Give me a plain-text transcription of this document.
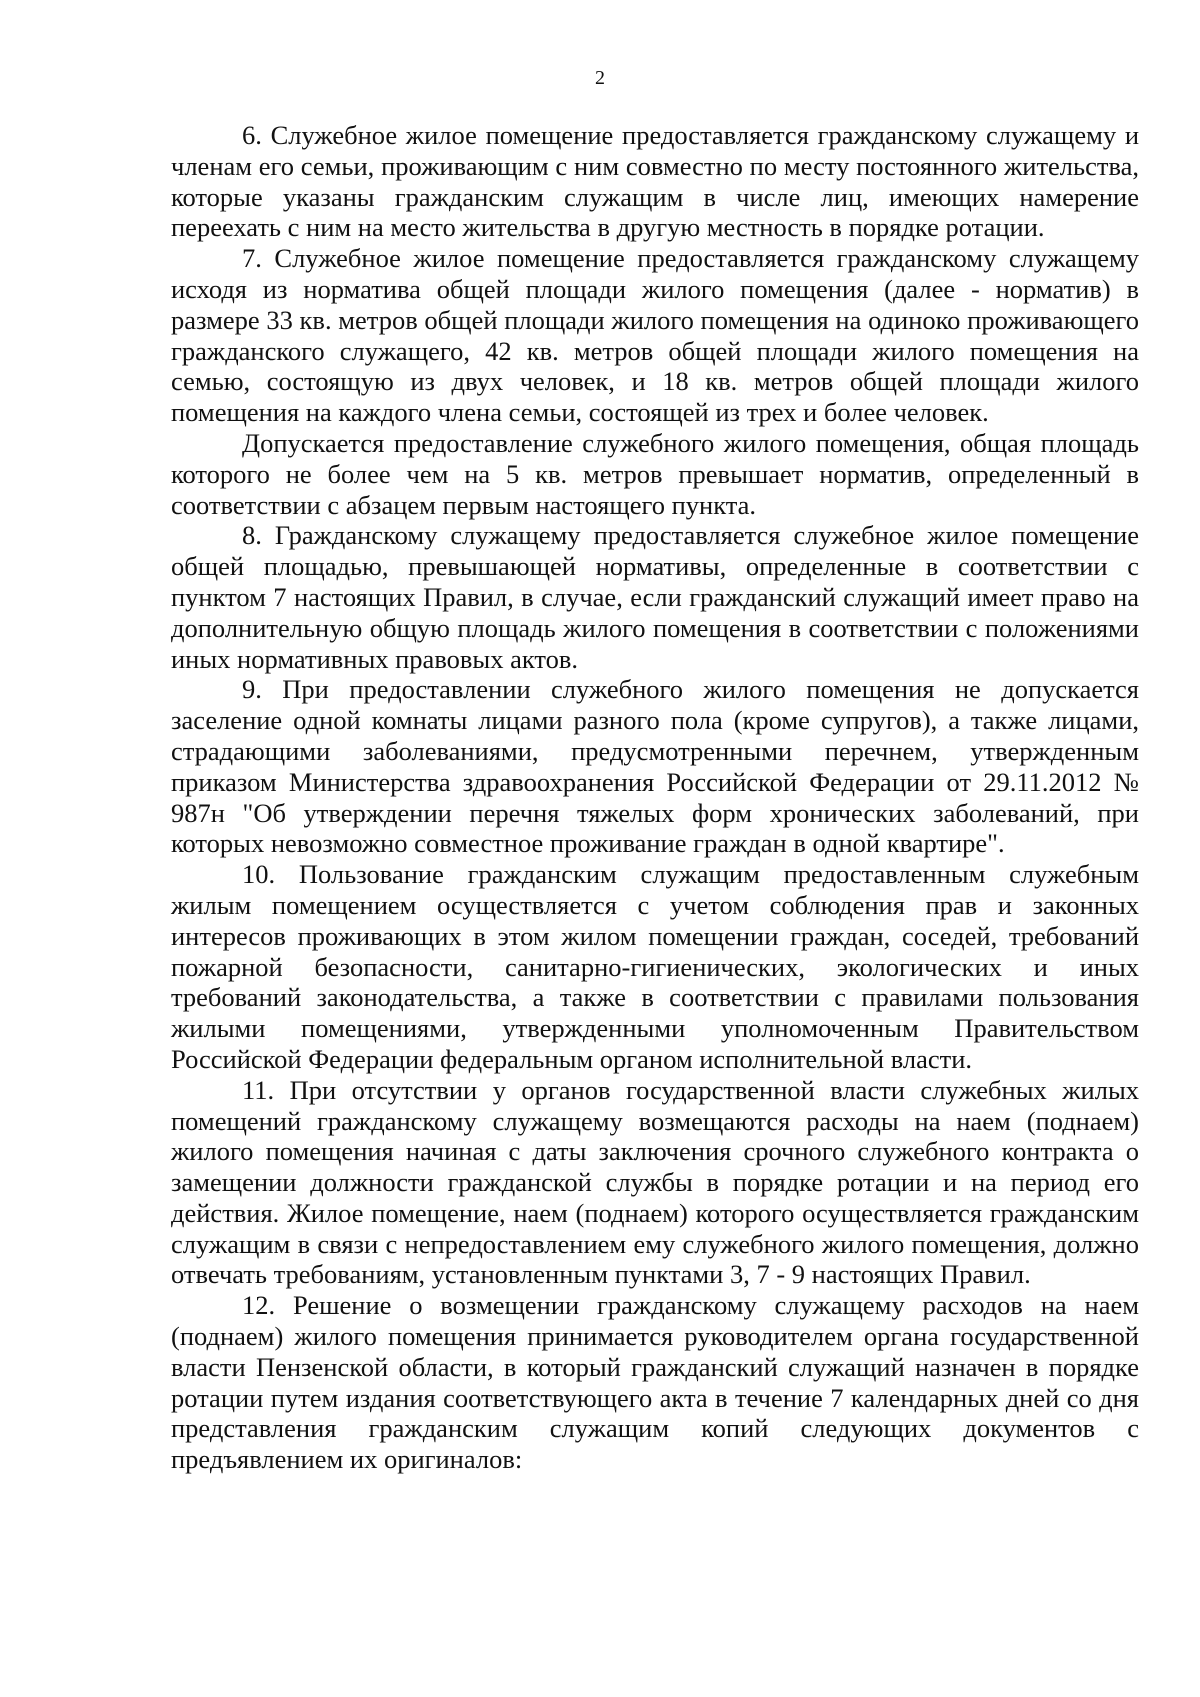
2

6. Служебное жилое помещение предоставляется гражданскому служащему и членам его семьи, проживающим с ним совместно по месту постоянного жительства, которые указаны гражданским служащим в числе лиц, имеющих намерение переехать с ним на место жительства в другую местность в порядке ротации.

7. Служебное жилое помещение предоставляется гражданскому служащему исходя из норматива общей площади жилого помещения (далее - норматив) в размере 33 кв. метров общей площади жилого помещения на одиноко проживающего гражданского служащего, 42 кв. метров общей площади жилого помещения на семью, состоящую из двух человек, и 18 кв. метров общей площади жилого помещения на каждого члена семьи, состоящей из трех и более человек.

Допускается предоставление служебного жилого помещения, общая площадь которого не более чем на 5 кв. метров превышает норматив, определенный в соответствии с абзацем первым настоящего пункта.

8. Гражданскому служащему предоставляется служебное жилое помещение общей площадью, превышающей нормативы, определенные в соответствии с пунктом 7 настоящих Правил, в случае, если гражданский служащий имеет право на дополнительную общую площадь жилого помещения в соответствии с положениями иных нормативных правовых актов.

9. При предоставлении служебного жилого помещения не допускается заселение одной комнаты лицами разного пола (кроме супругов), а также лицами, страдающими заболеваниями, предусмотренными перечнем, утвержденным приказом Министерства здравоохранения Российской Федерации от 29.11.2012 № 987н "Об утверждении перечня тяжелых форм хронических заболеваний, при которых невозможно совместное проживание граждан в одной квартире".

10. Пользование гражданским служащим предоставленным служебным жилым помещением осуществляется с учетом соблюдения прав и законных интересов проживающих в этом жилом помещении граждан, соседей, требований пожарной безопасности, санитарно-гигиенических, экологических и иных требований законодательства, а также в соответствии с правилами пользования жилыми помещениями, утвержденными уполномоченным Правительством Российской Федерации федеральным органом исполнительной власти.

11. При отсутствии у органов государственной власти служебных жилых помещений гражданскому служащему возмещаются расходы на наем (поднаем) жилого помещения начиная с даты заключения срочного служебного контракта о замещении должности гражданской службы в порядке ротации и на период его действия. Жилое помещение, наем (поднаем) которого осуществляется гражданским служащим в связи с непредоставлением ему служебного жилого помещения, должно отвечать требованиям, установленным пунктами 3, 7 - 9 настоящих Правил.

12. Решение о возмещении гражданскому служащему расходов на наем (поднаем) жилого помещения принимается руководителем органа государственной власти Пензенской области, в который гражданский служащий назначен в порядке ротации путем издания соответствующего акта в течение 7 календарных дней со дня представления гражданским служащим копий следующих документов с предъявлением их оригиналов:
